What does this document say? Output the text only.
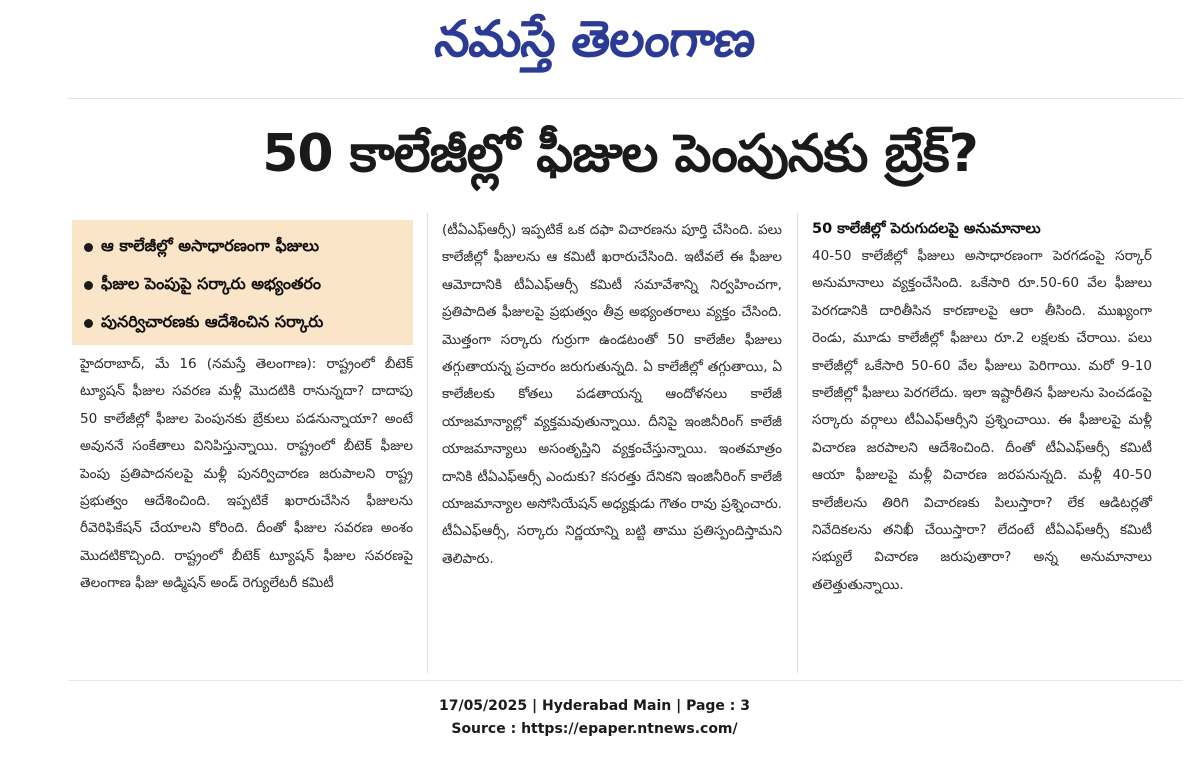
నమస్తే తెలంగాణ
50 కాలేజీల్లో ఫీజుల పెంపునకు బ్రేక్?
ఆ కాలేజీల్లో అసాధారణంగా ఫీజులు
ఫీజుల పెంపుపై సర్కారు అభ్యంతరం
పునర్విచారణకు ఆదేశించిన సర్కారు
హైదరాబాద్, మే 16 (నమస్తే తెలంగాణ): రాష్ట్రంలో బీటెక్ ట్యూషన్ ఫీజుల సవరణ మళ్లీ మొదటికి రానున్నదా? దాదాపు 50 కాలేజీల్లో ఫీజుల పెంపునకు బ్రేకులు పడనున్నాయా? అంటే అవుననే సంకేతాలు వినిపిస్తున్నాయి. రాష్ట్రంలో బీటెక్ ఫీజుల పెంపు ప్రతిపాదనలపై మళ్లీ పునర్విచారణ జరుపాలని రాష్ట్ర ప్రభుత్వం ఆదేశించింది. ఇప్పటికే ఖరారుచేసిన ఫీజులను రీవెరిఫికేషన్ చేయాలని కోరింది. దీంతో ఫీజుల సవరణ అంశం మొదటికొచ్చింది. రాష్ట్రంలో బీటెక్ ట్యూషన్ ఫీజుల సవరణపై తెలంగాణ ఫీజు అడ్మిషన్ అండ్ రెగ్యులేటరీ కమిటీ
(టీఏఎఫ్ఆర్సీ) ఇప్పటికే ఒక దఫా విచారణను పూర్తి చేసింది. పలు కాలేజీల్లో ఫీజులను ఆ కమిటీ ఖరారుచేసింది. ఇటీవలే ఈ ఫీజుల ఆమోదానికి టీఏఎఫ్ఆర్సీ కమిటీ సమావేశాన్ని నిర్వహించగా, ప్రతిపాదిత ఫీజులపై ప్రభుత్వం తీవ్ర అభ్యంతరాలు వ్యక్తం చేసింది. మొత్తంగా సర్కారు గుర్రుగా ఉండటంతో 50 కాలేజీల ఫీజులు తగ్గుతాయన్న ప్రచారం జరుగుతున్నది. ఏ కాలేజీల్లో తగ్గుతాయి, ఏ కాలేజీలకు కోతలు పడతాయన్న ఆందోళనలు కాలేజీ యాజమాన్యాల్లో వ్యక్తమవుతున్నాయి. దీనిపై ఇంజినీరింగ్ కాలేజీ యాజమాన్యాలు అసంతృప్తిని వ్యక్తంచేస్తున్నాయి. ఇంతమాత్రం దానికి టీఏఎఫ్ఆర్సీ ఎందుకు? కసరత్తు దేనికని ఇంజినీరింగ్ కాలేజీ యాజమాన్యాల అసోసియేషన్ అధ్యక్షుడు గౌతం రావు ప్రశ్నించారు. టీఏఎఫ్ఆర్సీ, సర్కారు నిర్ణయాన్ని బట్టి తాము ప్రతిస్పందిస్తామని తెలిపారు.
50 కాలేజీల్లో పెరుగుదలపై అనుమానాలు
40-50 కాలేజీల్లో ఫీజులు అసాధారణంగా పెరగడంపై సర్కార్ అనుమానాలు వ్యక్తంచేసింది. ఒకేసారి రూ.50-60 వేల ఫీజులు పెరగడానికి దారితీసిన కారణాలపై ఆరా తీసింది. ముఖ్యంగా రెండు, మూడు కాలేజీల్లో ఫీజులు రూ.2 లక్షలకు చేరాయి. పలు కాలేజీల్లో ఒకేసారి 50-60 వేల ఫీజులు పెరిగాయి. మరో 9-10 కాలేజీల్లో ఫీజులు పెరగలేదు. ఇలా ఇష్టారీతిన ఫీజులను పెంచడంపై సర్కారు వర్గాలు టీఏఎఫ్ఆర్సీని ప్రశ్నించాయి. ఈ ఫీజులపై మళ్లీ విచారణ జరపాలని ఆదేశించింది. దీంతో టీఏఎఫ్ఆర్సీ కమిటీ ఆయా ఫీజులపై మళ్లీ విచారణ జరపనున్నది. మళ్లీ 40-50 కాలేజీలను తిరిగి విచారణకు పిలుస్తారా? లేక ఆడిటర్లతో నివేదికలను తనిఖీ చేయిస్తారా? లేదంటే టీఏఎఫ్ఆర్సీ కమిటీ సభ్యులే విచారణ జరుపుతారా? అన్న అనుమానాలు తలెత్తుతున్నాయి.
17/05/2025 | Hyderabad Main | Page : 3
Source : https://epaper.ntnews.com/
